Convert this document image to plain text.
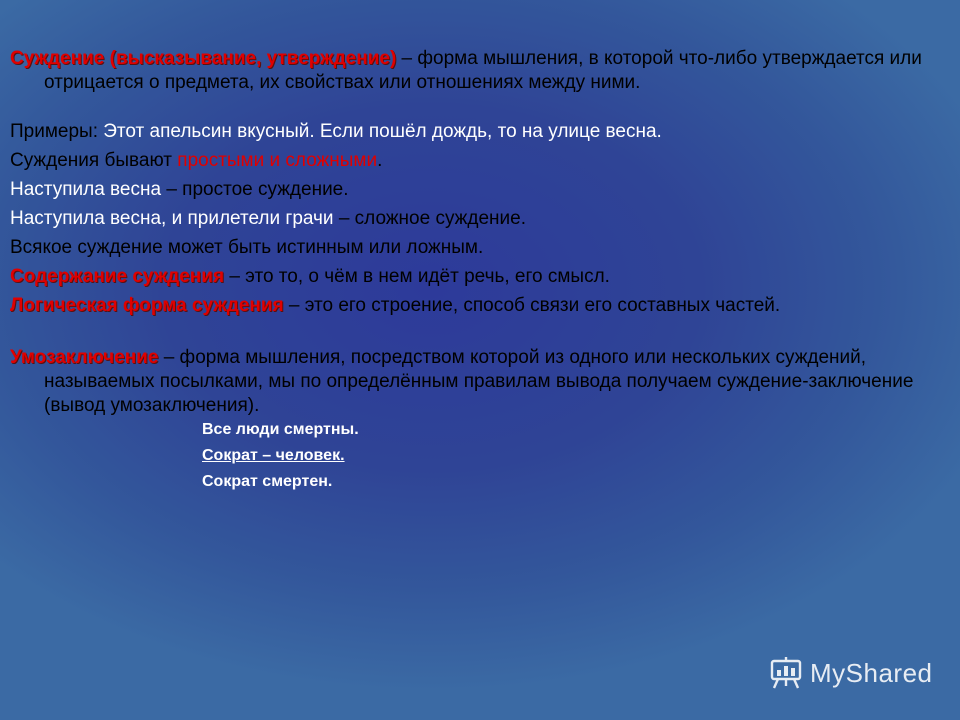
Суждение (высказывание, утверждение) – форма мышления, в которой что-либо утверждается или отрицается о предмета, их свойствах или отношениях между ними.

Примеры: Этот апельсин вкусный. Если пошёл дождь, то на улице весна.

Суждения бывают простыми и сложными.

Наступила весна – простое суждение.

Наступила весна, и прилетели грачи – сложное суждение.

Всякое суждение может быть истинным или ложным.

Содержание суждения – это то, о чём в нем идёт речь, его смысл.

Логическая форма суждения – это его строение, способ связи его составных частей.

Умозаключение – форма мышления, посредством которой из одного или нескольких суждений, называемых посылками, мы по определённым правилам вывода получаем суждение-заключение (вывод умозаключения).

Все люди смертны.
Сократ – человек.
Сократ смертен.
MyShared
